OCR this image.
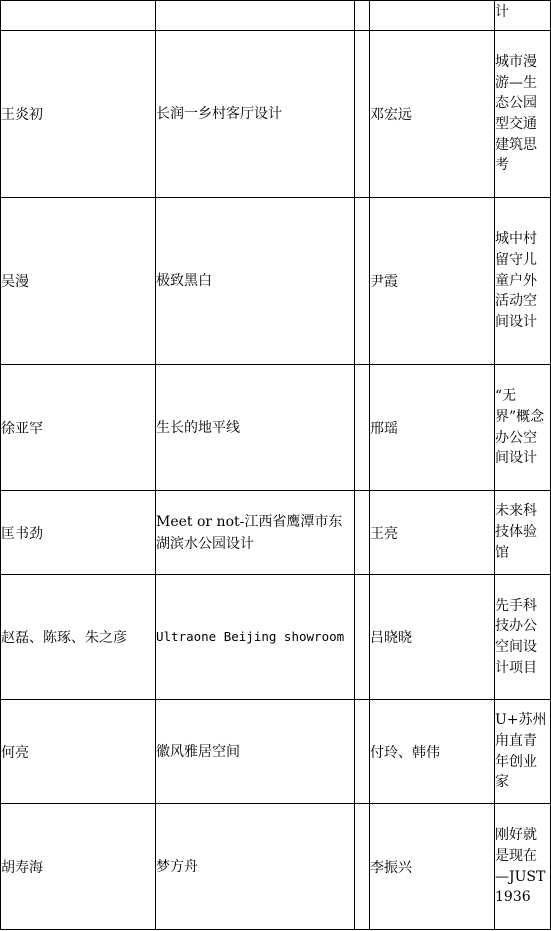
				计
王炎初	长润一乡村客厅设计		邓宏远	城市漫游—生态公园型交通建筑思考
吴漫	极致黑白		尹霞	城中村留守儿童户外活动空间设计
徐亚罕	生长的地平线		邢瑶	“无界”概念办公空间设计
匡书劲	Meet or not-江西省鹰潭市东湖滨水公园设计		王亮	未来科技体验馆
赵磊、陈琢、朱之彦	Ultraone Beijing showroom		吕晓晓	先手科技办公空间设计项目
何亮	徽风雅居空间		付玲、韩伟	U+苏州甪直青年创业家
胡寿海	梦方舟		李振兴	刚好就是现在—JUST1936
